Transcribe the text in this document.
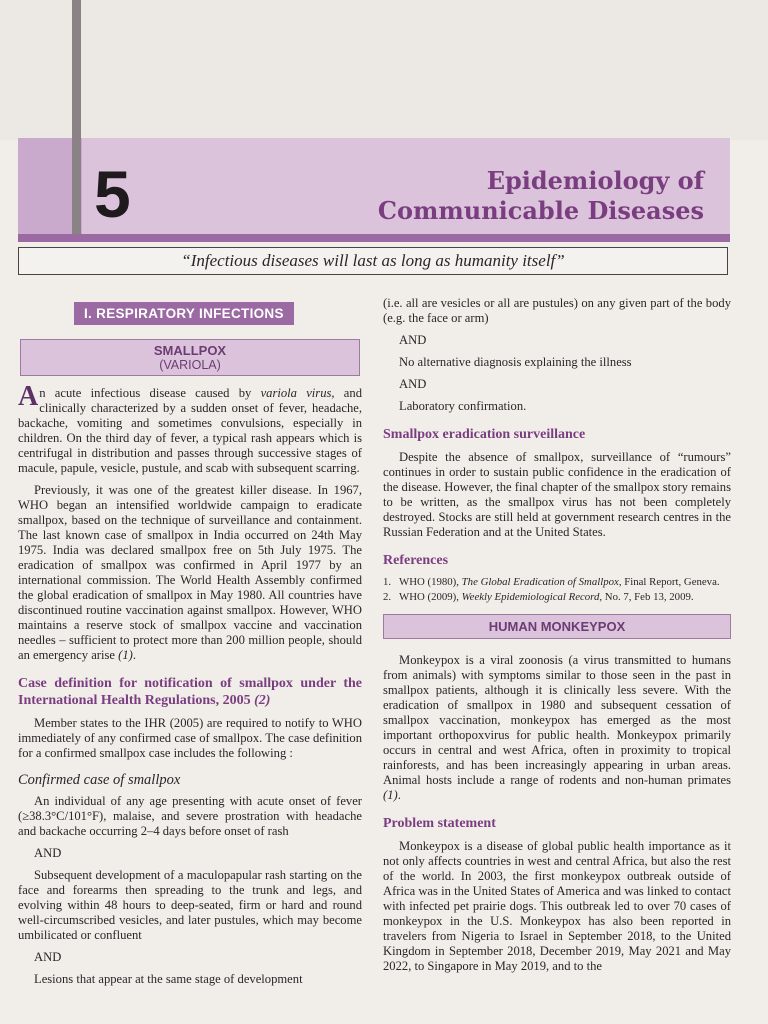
5	Epidemiology of
Communicable Diseases
“Infectious diseases will last as long as humanity itself”
I. RESPIRATORY INFECTIONS
SMALLPOX
(VARIOLA)

An acute infectious disease caused by variola virus, and clinically characterized by a sudden onset of fever, headache, backache, vomiting and sometimes convulsions, especially in children. On the third day of fever, a typical rash appears which is centrifugal in distribution and passes through successive stages of macule, papule, vesicle, pustule, and scab with subsequent scarring.

Previously, it was one of the greatest killer disease. In 1967, WHO began an intensified worldwide campaign to eradicate smallpox, based on the technique of surveillance and containment. The last known case of smallpox in India occurred on 24th May 1975. India was declared smallpox free on 5th July 1975. The eradication of smallpox was confirmed in April 1977 by an international commission. The World Health Assembly confirmed the global eradication of smallpox in May 1980. All countries have discontinued routine vaccination against smallpox. However, WHO maintains a reserve stock of smallpox vaccine and vaccination needles – sufficient to protect more than 200 million people, should an emergency arise (1).

Case definition for notification of smallpox under the International Health Regulations, 2005 (2)

Member states to the IHR (2005) are required to notify to WHO immediately of any confirmed case of smallpox. The case definition for a confirmed smallpox case includes the following :

Confirmed case of smallpox

An individual of any age presenting with acute onset of fever (≥38.3°C/101°F), malaise, and severe prostration with headache and backache occurring 2–4 days before onset of rash

AND

Subsequent development of a maculopapular rash starting on the face and forearms then spreading to the trunk and legs, and evolving within 48 hours to deep-seated, firm or hard and round well-circumscribed vesicles, and later pustules, which may become umbilicated or confluent

AND

Lesions that appear at the same stage of development

(i.e. all are vesicles or all are pustules) on any given part of the body (e.g. the face or arm)

AND

No alternative diagnosis explaining the illness

AND

Laboratory confirmation.

Smallpox eradication surveillance

Despite the absence of smallpox, surveillance of “rumours” continues in order to sustain public confidence in the eradication of the disease. However, the final chapter of the smallpox story remains to be written, as the smallpox virus has not been completely destroyed. Stocks are still held at government research centres in the Russian Federation and at the United States.

References
1. WHO (1980), The Global Eradication of Smallpox, Final Report, Geneva.
2. WHO (2009), Weekly Epidemiological Record, No. 7, Feb 13, 2009.
HUMAN MONKEYPOX

Monkeypox is a viral zoonosis (a virus transmitted to humans from animals) with symptoms similar to those seen in the past in smallpox patients, although it is clinically less severe. With the eradication of smallpox in 1980 and subsequent cessation of smallpox vaccination, monkeypox has emerged as the most important orthopoxvirus for public health. Monkeypox primarily occurs in central and west Africa, often in proximity to tropical rainforests, and has been increasingly appearing in urban areas. Animal hosts include a range of rodents and non-human primates (1).

Problem statement

Monkeypox is a disease of global public health importance as it not only affects countries in west and central Africa, but also the rest of the world. In 2003, the first monkeypox outbreak outside of Africa was in the United States of America and was linked to contact with infected pet prairie dogs. This outbreak led to over 70 cases of monkeypox in the U.S. Monkeypox has also been reported in travelers from Nigeria to Israel in September 2018, to the United Kingdom in September 2018, December 2019, May 2021 and May 2022, to Singapore in May 2019, and to the
